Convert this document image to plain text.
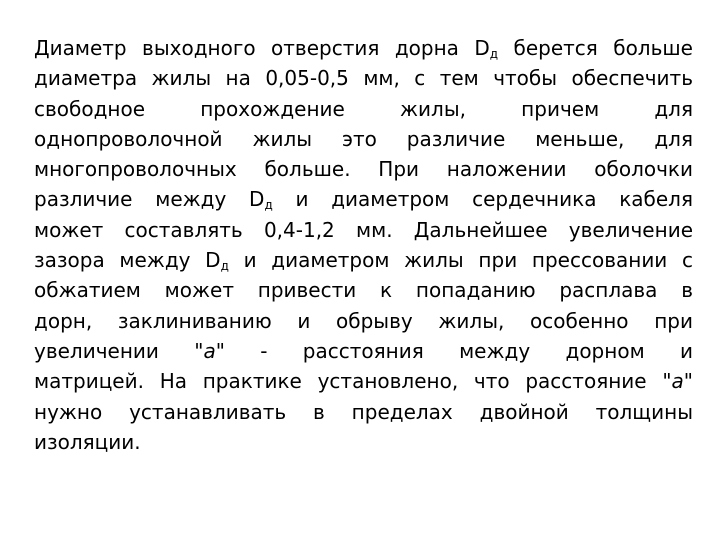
Диаметр выходного отверстия дорна $D_д$ берется больше
диаметра жилы на 0,05-0,5 мм, с тем чтобы обеспечить
свободное прохождение жилы, причем для
однопроволочной жилы это различие меньше, для
многопроволочных больше. При наложении оболочки
различие между $D_д$ и диаметром сердечника кабеля
может составлять 0,4-1,2 мм. Дальнейшее увеличение
зазора между $D_д$ и диаметром жилы при прессовании с
обжатием может привести к попаданию расплава в
дорн, заклиниванию и обрыву жилы, особенно при
увеличении "а" - расстояния между дорном и
матрицей. На практике установлено, что расстояние "а"
нужно устанавливать в пределах двойной толщины
изоляции.
